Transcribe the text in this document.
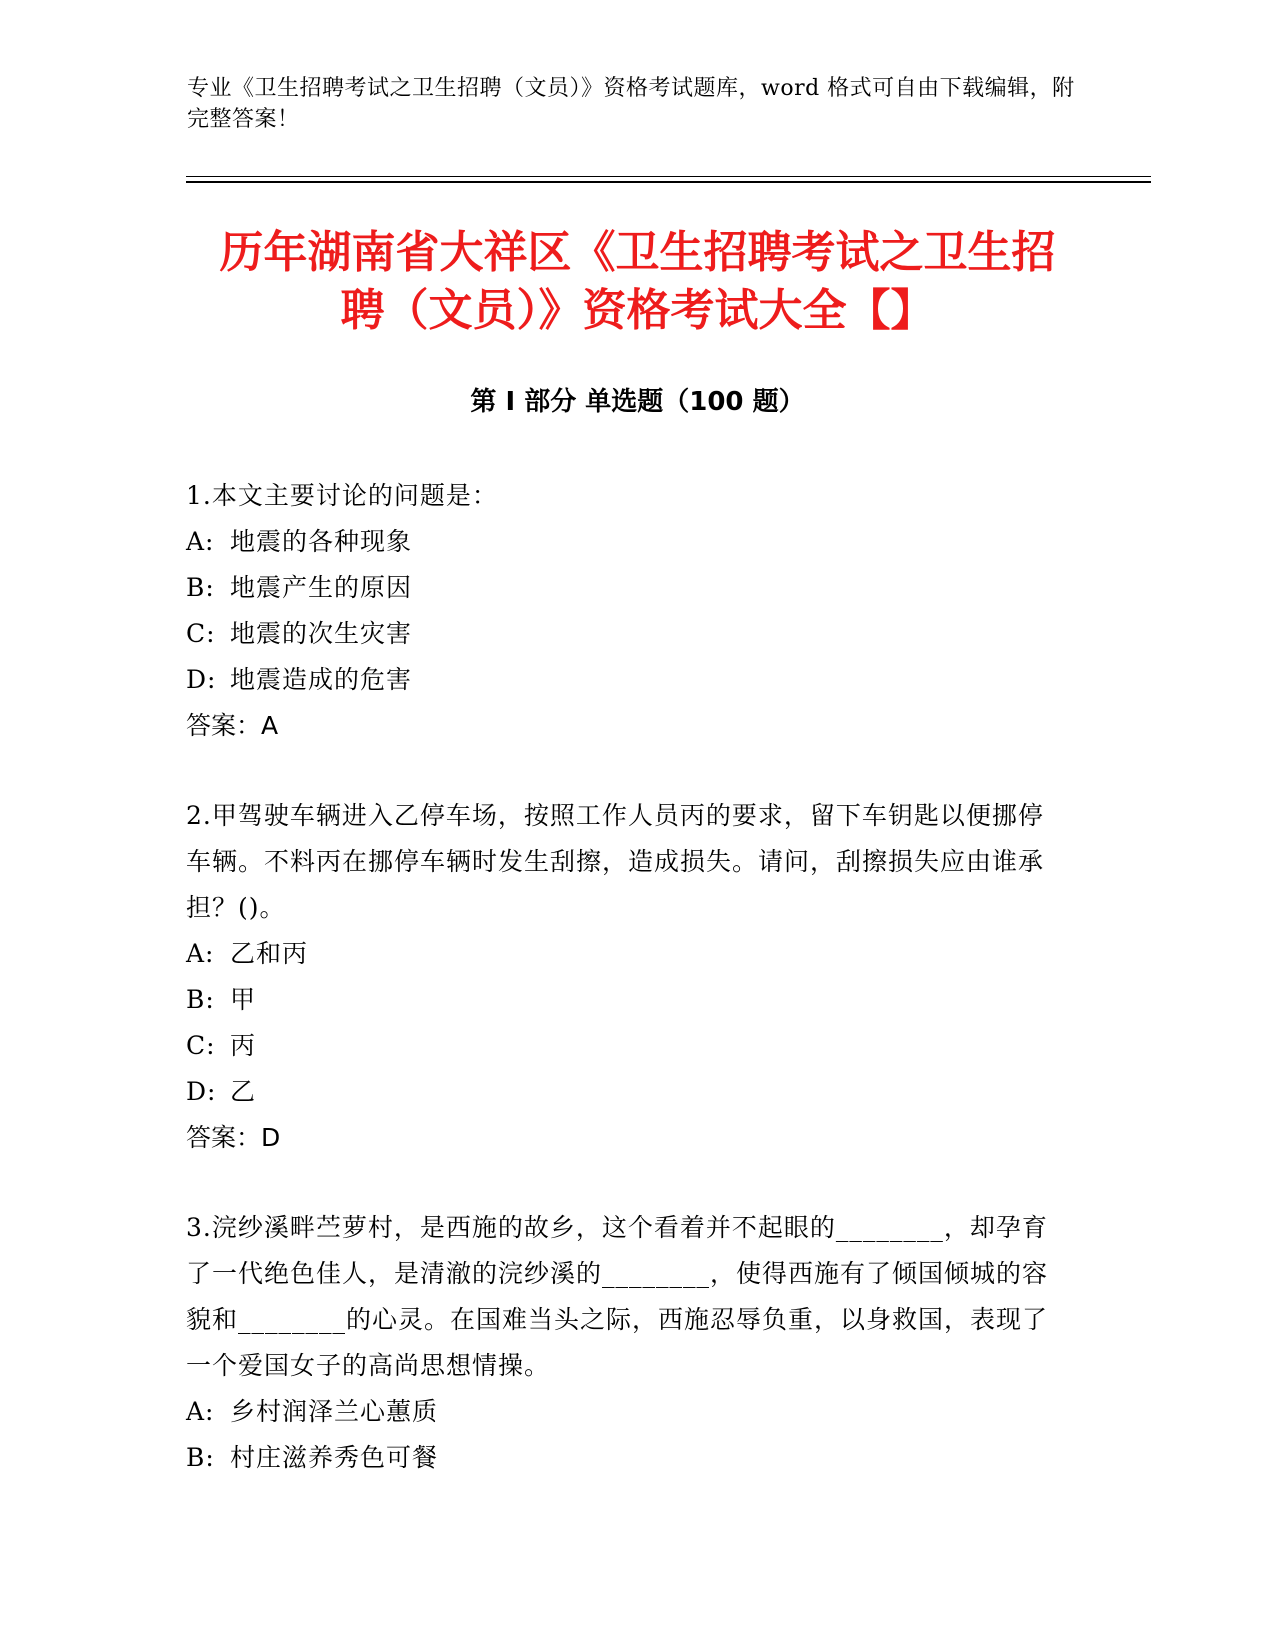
专业《卫生招聘考试之卫生招聘（文员）》资格考试题库，word 格式可自由下载编辑，附完整答案！

历年湖南省大祥区《卫生招聘考试之卫生招
聘（文员）》资格考试大全【】
第 I 部分 单选题（100 题）

1.本文主要讨论的问题是：

A: 地震的各种现象

B: 地震产生的原因

C: 地震的次生灾害

D: 地震造成的危害

答案：A

2.甲驾驶车辆进入乙停车场，按照工作人员丙的要求，留下车钥匙以便挪停车辆。不料丙在挪停车辆时发生刮擦，造成损失。请问，刮擦损失应由谁承担？()。

A: 乙和丙

B: 甲

C: 丙

D: 乙

答案：D

3.浣纱溪畔苎萝村，是西施的故乡，这个看着并不起眼的________，却孕育了一代绝色佳人，是清澈的浣纱溪的________，使得西施有了倾国倾城的容貌和________的心灵。在国难当头之际，西施忍辱负重，以身救国，表现了一个爱国女子的高尚思想情操。

A: 乡村润泽兰心蕙质

B: 村庄滋养秀色可餐
